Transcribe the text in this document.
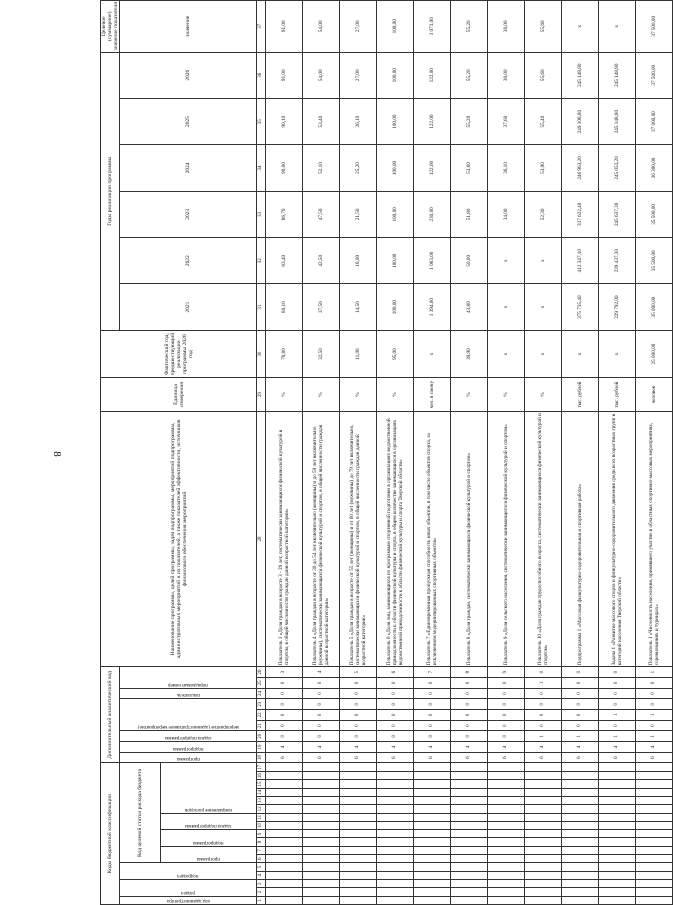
8
Коды бюджетной классификации																	Дополнительный аналитический код									Наименование программы, целей программы, задач подпрограммы, мероприятий подпрограммы, административных мероприятий и их показателей, а также показателей эффективности, источников финансового обеспечения мероприятий	Единица измерения	Фактический год, предшествующий реализации программы 2020 год	Годы реализации программы						Целевое (суммарное) значение показателя

код администратора	раздел		подраздел		Код целевой статьи расхода бюджета												программа	подпрограмма	задача подпрограммы	мероприятие (административное мероприятие)			показатель	порядковый номер					2021	2022	2023	2024	2025	2026	значение

					программа		подпрограмма		задача подпрограммы		направление расходов																								

1	2	3	4	5	6	7	8	9	10	11	12	13	14	15	16	17	18	19	20	21	22	23	24	25	26	28	29	30	31	32	33	34	35	36	37
																	6	4	0	0	0	0	0	0	3	Показатель 3 «Доля граждан в возрасте 3 - 29 лет, систематически занимающихся физической культурой и спортом, в общей численности граждан данной возрастной категории»	%	78,80	80,10	83,40	86,70	90,00	90,10	91,00	91,00
																	6	4	0	0	0	0	0	0	4	Показатель 4 «Доля граждан в возрасте от 30 до 54 лет включительно (женщины) и до 59 лет включительно (мужчины), систематически занимающихся физической культурой и спортом, в общей численности граждан данной возрастной категории»	%	32,50	37,50	42,50	47,50	52,10	53,40	54,00	54,00
																	6	4	0	0	0	0	0	0	5	Показатель 5 «Доля граждан в возрасте от 55 лет (женщины) и от 60 лет (мужчины) до 79 лет включительно, систематически занимающихся физической культурой и спортом, в общей численности граждан данной возрастной категории»	%	11,00	14,50	18,00	21,50	25,20	26,10	27,00	27,00
																	6	4	0	0	0	0	0	0	6	Показатель 6 «Доля лиц, занимающихся по программам спортивной подготовки в организациях ведомственной принадлежности к области физической культуры и спорта, в общем количестве занимающихся в организациях ведомственной принадлежности к области физической культуры и спорта Тверской области»	%	95,00	100,00	100,00	100,00	100,00	100,00	100,00	100,00
																	6	4	0	0	0	0	0	0	7	Показатель 7 «Единовременная пропускная способность иных объектов, в том числе объектов спорта, за исключением модернизированных спортивных объектов»	чел. в смену	х	1 394,00	1 083,00	230,00	122,00	122,00	122,00	3 073,00
																	6	4	0	0	0	0	0	0	8	Показатель 8 «Доля граждан, систематически занимающихся физической культурой и спортом»	%	39,90	43,80	50,00	51,80	53,60	55,20	55,20	55,20
																	6	4	0	0	0	0	0	0	9	Показатель 9 «Доля сельского населения, систематически занимающегося физической культурой и спортом»	%	х	х	х	34,00	36,10	37,60	38,00	38,00
																	6	4	1	0	0	0	0	1	0	Показатель 10 «Доля граждан трудоспособного возраста, систематически занимающихся физической культурой и спортом»	%	х	х	х	52,30	53,90	55,40	55,60	55,60
																	6	4	1	0	0	0	0	0	0	Подпрограмма 1 «Массовая физкультурно-оздоровительная и спортивная работа»	тыс. рублей	х	375 735,40	412 347,10	337 622,40	246 963,20	249 108,80	245 148,80	х
																	6	4	1	0	1	0	0	0	0	Задача 1 «Развитие массового спорта и физкультурно-оздоровительного движения среди всех возрастных групп и категорий населения Тверской области»	тыс. рублей	х	229 792,00	239 437,30	245 637,30	245 053,20	245 148,80	245 148,80	х
																	6	4	1	0	1	0	0	0	1	Показатель 1 «Численность населения, принявшего участие в областных спортивно-массовых мероприятиях, соревнованиях и турнирах»	человек	25 000,00	35 000,00	35 500,00	35 500,00	36 300,00	37 000,00	37 500,00	37 500,00
